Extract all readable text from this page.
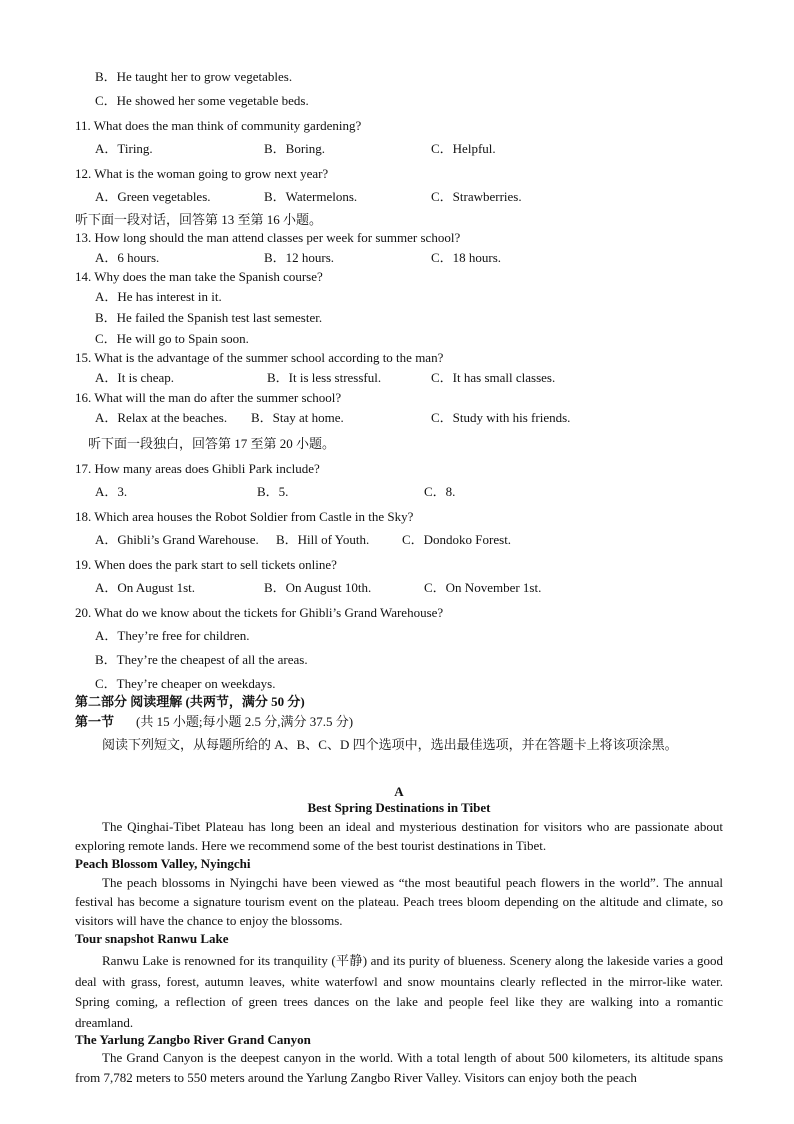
B．He taught her to grow vegetables.
C．He showed her some vegetable beds.
11. What does the man think of community gardening?
A．Tiring.	B．Boring.	C．Helpful.
12. What is the woman going to grow next year?
A．Green vegetables.	B．Watermelons.	C．Strawberries.
听下面一段对话，回答第 13 至第 16 小题。
13. How long should the man attend classes per week for summer school?
A．6 hours.	B．12 hours.	C．18 hours.
14. Why does the man take the Spanish course?
A．He has interest in it.
B．He failed the Spanish test last semester.
C．He will go to Spain soon.
15. What is the advantage of the summer school according to the man?
A．It is cheap.	B．It is less stressful.	C．It has small classes.
16. What will the man do after the summer school?
A．Relax at the beaches. B．Stay at home.	C．Study with his friends.
听下面一段独白，回答第 17 至第 20 小题。
17. How many areas does Ghibli Park include?
A．3.	B．5.	C．8.
18. Which area houses the Robot Soldier from Castle in the Sky?
A．Ghibli’s Grand Warehouse. B．Hill of Youth.	C．Dondoko Forest.
19. When does the park start to sell tickets online?
A．On August 1st.	B．On August 10th.	C．On November 1st.
20. What do we know about the tickets for Ghibli’s Grand Warehouse?
A．They’re free for children.
B．They’re the cheapest of all the areas.
C．They’re cheaper on weekdays.
第二部分 阅读理解 (共两节，满分 50 分)
第一节 (共 15 小题;每小题 2.5 分,满分 37.5 分)
阅读下列短文，从每题所给的 A、B、C、D 四个选项中，选出最佳选项，并在答题卡上将该项涂黑。
A
Best Spring Destinations in Tibet
The Qinghai-Tibet Plateau has long been an ideal and mysterious destination for visitors who are passionate about exploring remote lands. Here we recommend some of the best tourist destinations in Tibet.
Peach Blossom Valley, Nyingchi
The peach blossoms in Nyingchi have been viewed as “the most beautiful peach flowers in the world”. The annual festival has become a signature tourism event on the plateau. Peach trees bloom depending on the altitude and climate, so visitors will have the chance to enjoy the blossoms.
Tour snapshot Ranwu Lake
Ranwu Lake is renowned for its tranquility (平静) and its purity of blueness. Scenery along the lakeside varies a good deal with grass, forest, autumn leaves, white waterfowl and snow mountains clearly reflected in the mirror-like water. Spring coming, a reflection of green trees dances on the lake and people feel like they are walking into a romantic dreamland.
The Yarlung Zangbo River Grand Canyon
The Grand Canyon is the deepest canyon in the world. With a total length of about 500 kilometers, its altitude spans from 7,782 meters to 550 meters around the Yarlung Zangbo River Valley. Visitors can enjoy both the peach
